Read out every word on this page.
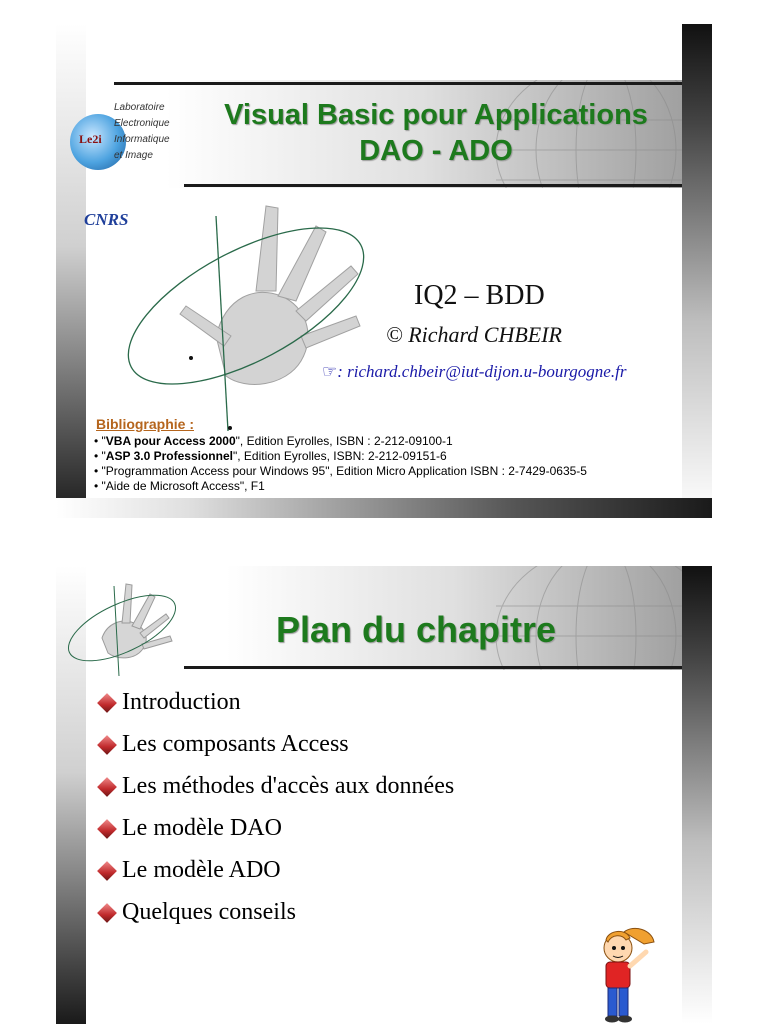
Le2i
Laboratoire
Electronique
Informatique
et Image
CNRS
Visual Basic pour Applications
DAO - ADO
IQ2 – BDD
© Richard CHBEIR
☞: richard.chbeir@iut-dijon.u-bourgogne.fr
Bibliographie :
• "VBA pour Access 2000", Edition Eyrolles, ISBN : 2-212-09100-1
• "ASP 3.0 Professionnel", Edition Eyrolles, ISBN: 2-212-09151-6
• "Programmation Access pour Windows 95", Edition Micro Application ISBN : 2-7429-0635-5
• "Aide de Microsoft Access", F1
Plan du chapitre
Introduction
Les composants Access
Les méthodes d'accès aux données
Le modèle DAO
Le modèle ADO
Quelques conseils
